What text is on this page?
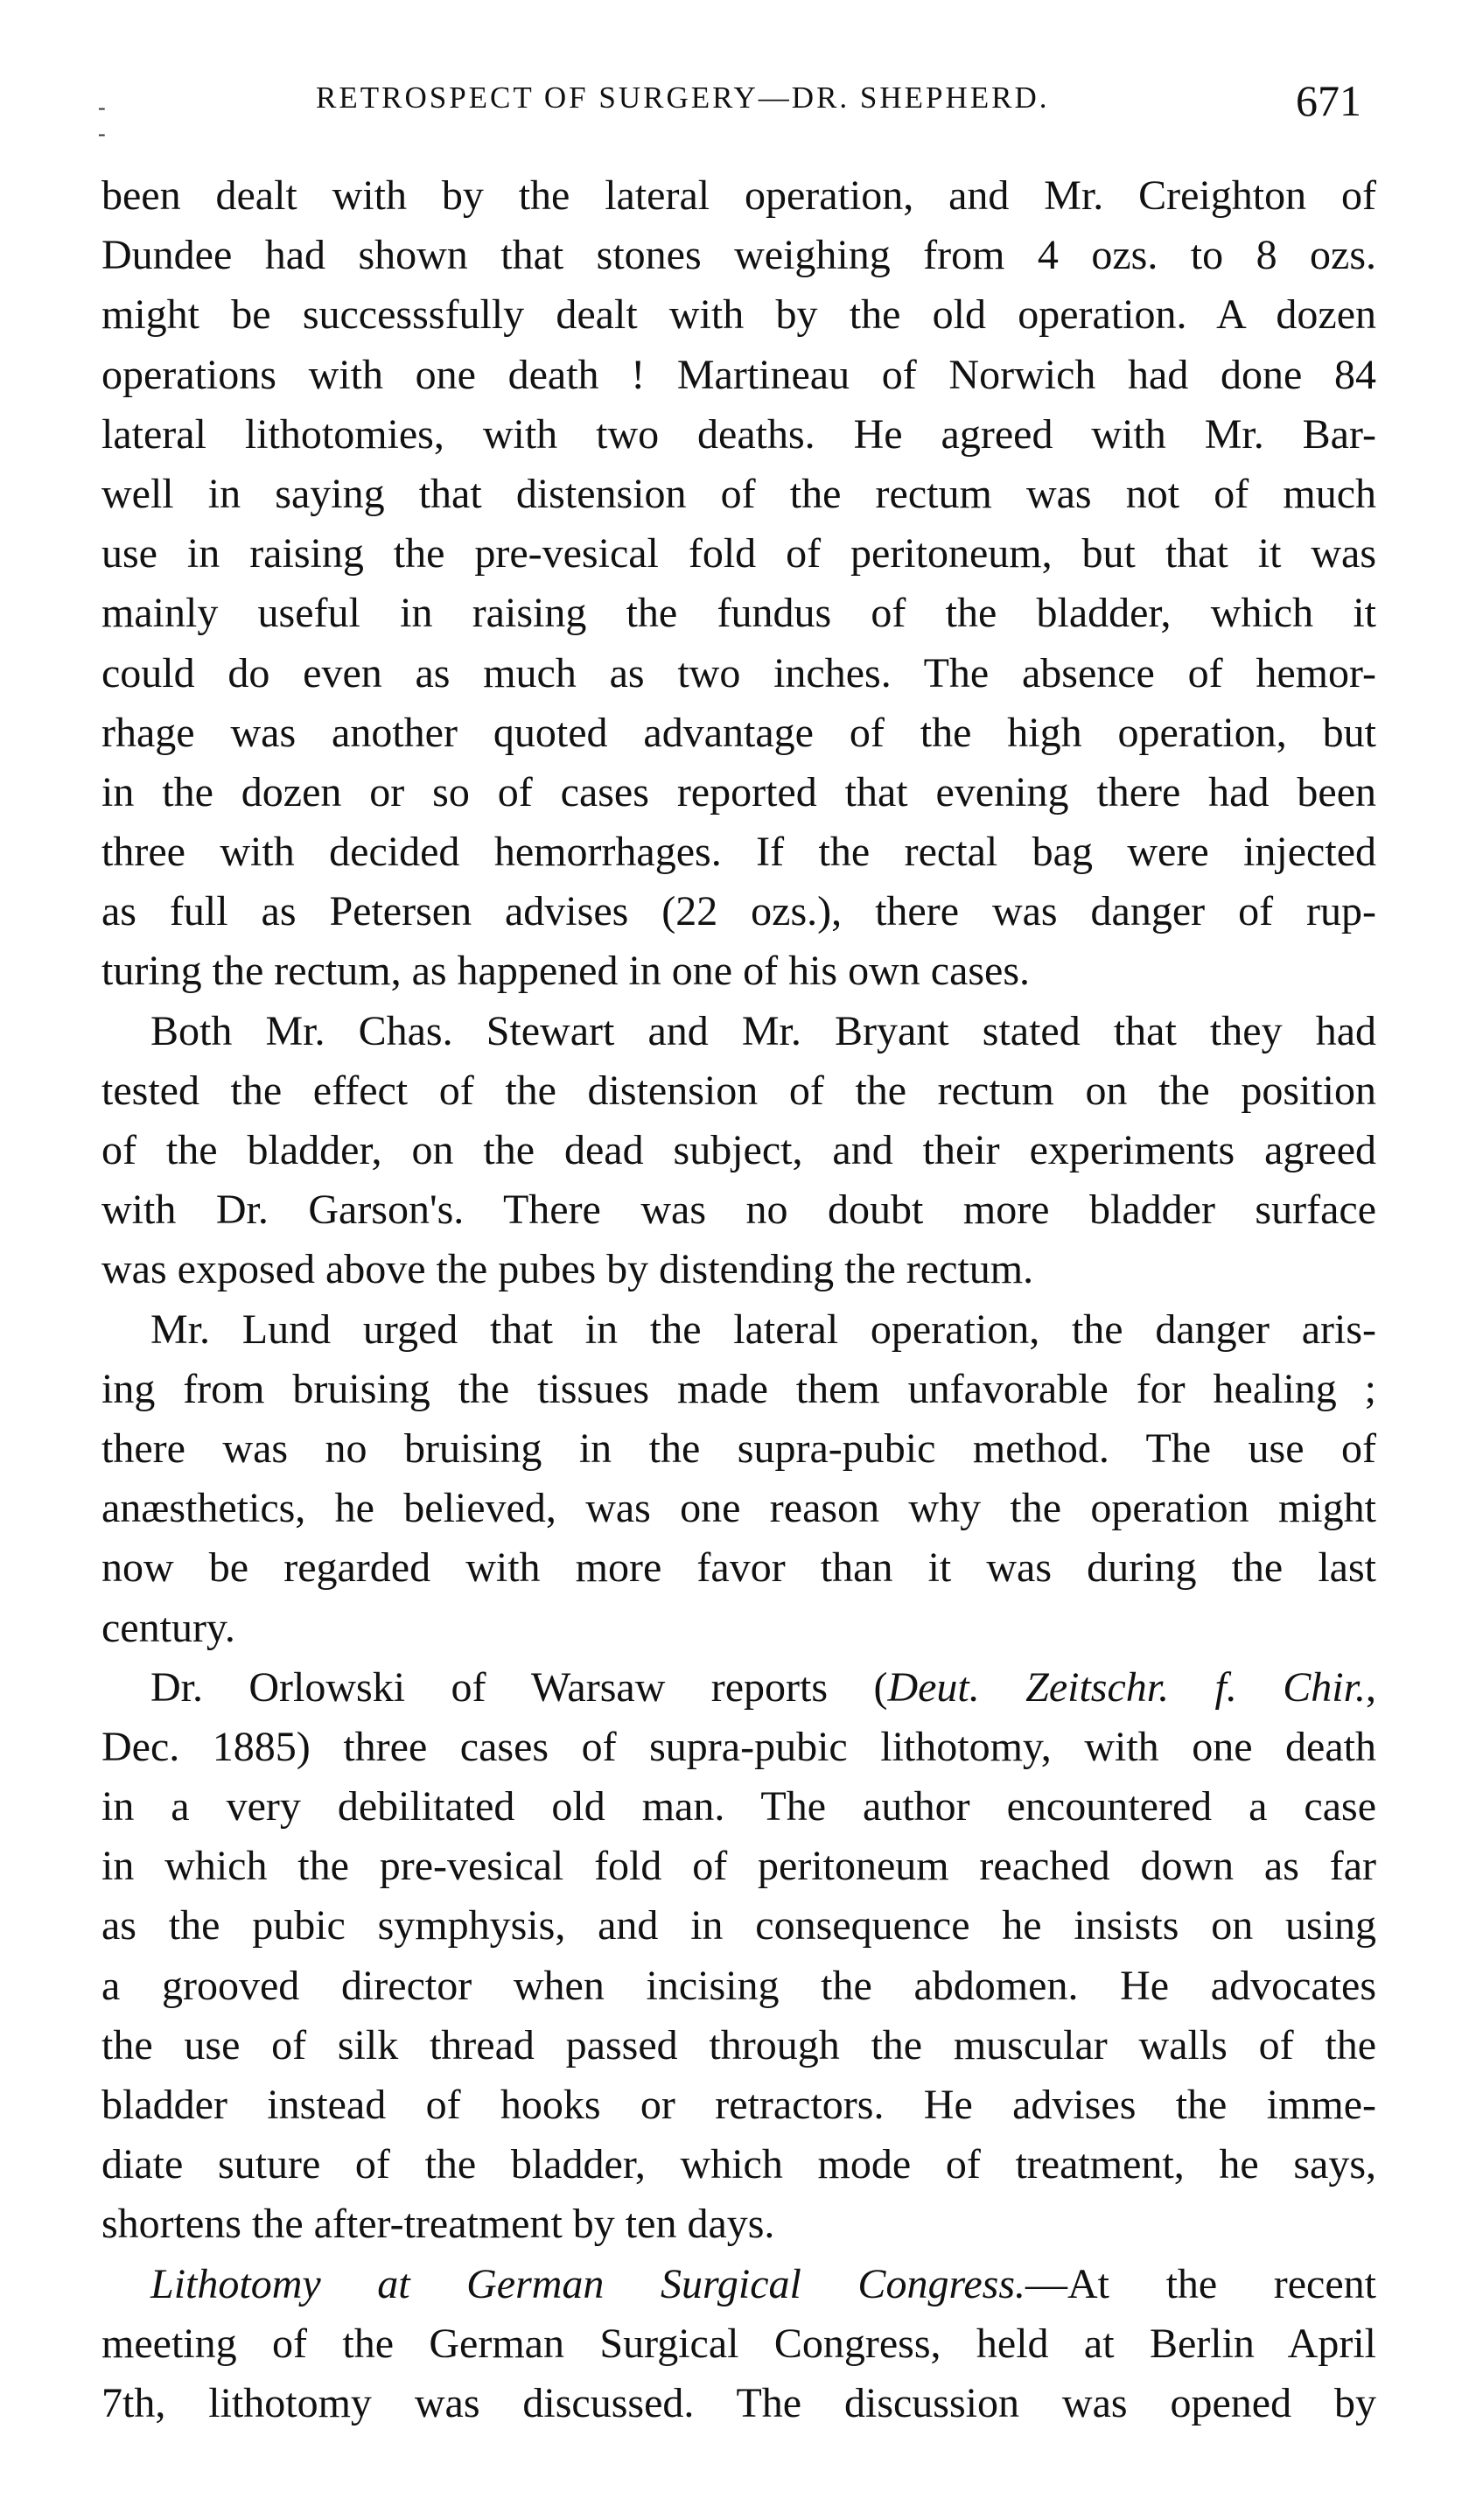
- -
RETROSPECT OF SURGERY—DR. SHEPHERD.	671
been dealt with by the lateral operation, and Mr. Creighton of
Dundee had shown that stones weighing from 4 ozs. to 8 ozs.
might be successsfully dealt with by the old operation. A dozen
operations with one death ! Martineau of Norwich had done 84
lateral lithotomies, with two deaths. He agreed with Mr. Bar-
well in saying that distension of the rectum was not of much
use in raising the pre-vesical fold of peritoneum, but that it was
mainly useful in raising the fundus of the bladder, which it
could do even as much as two inches. The absence of hemor-
rhage was another quoted advantage of the high operation, but
in the dozen or so of cases reported that evening there had been
three with decided hemorrhages. If the rectal bag were injected
as full as Petersen advises (22 ozs.), there was danger of rup-
turing the rectum, as happened in one of his own cases.
Both Mr. Chas. Stewart and Mr. Bryant stated that they had
tested the effect of the distension of the rectum on the position
of the bladder, on the dead subject, and their experiments agreed
with Dr. Garson's. There was no doubt more bladder surface
was exposed above the pubes by distending the rectum.
Mr. Lund urged that in the lateral operation, the danger aris-
ing from bruising the tissues made them unfavorable for healing ;
there was no bruising in the supra-pubic method. The use of
anæsthetics, he believed, was one reason why the operation might
now be regarded with more favor than it was during the last
century.
Dr. Orlowski of Warsaw reports (Deut. Zeitschr. f. Chir.,
Dec. 1885) three cases of supra-pubic lithotomy, with one death
in a very debilitated old man. The author encountered a case
in which the pre-vesical fold of peritoneum reached down as far
as the pubic symphysis, and in consequence he insists on using
a grooved director when incising the abdomen. He advocates
the use of silk thread passed through the muscular walls of the
bladder instead of hooks or retractors. He advises the imme-
diate suture of the bladder, which mode of treatment, he says,
shortens the after-treatment by ten days.
Lithotomy at German Surgical Congress.—At the recent
meeting of the German Surgical Congress, held at Berlin April
7th, lithotomy was discussed. The discussion was opened by
